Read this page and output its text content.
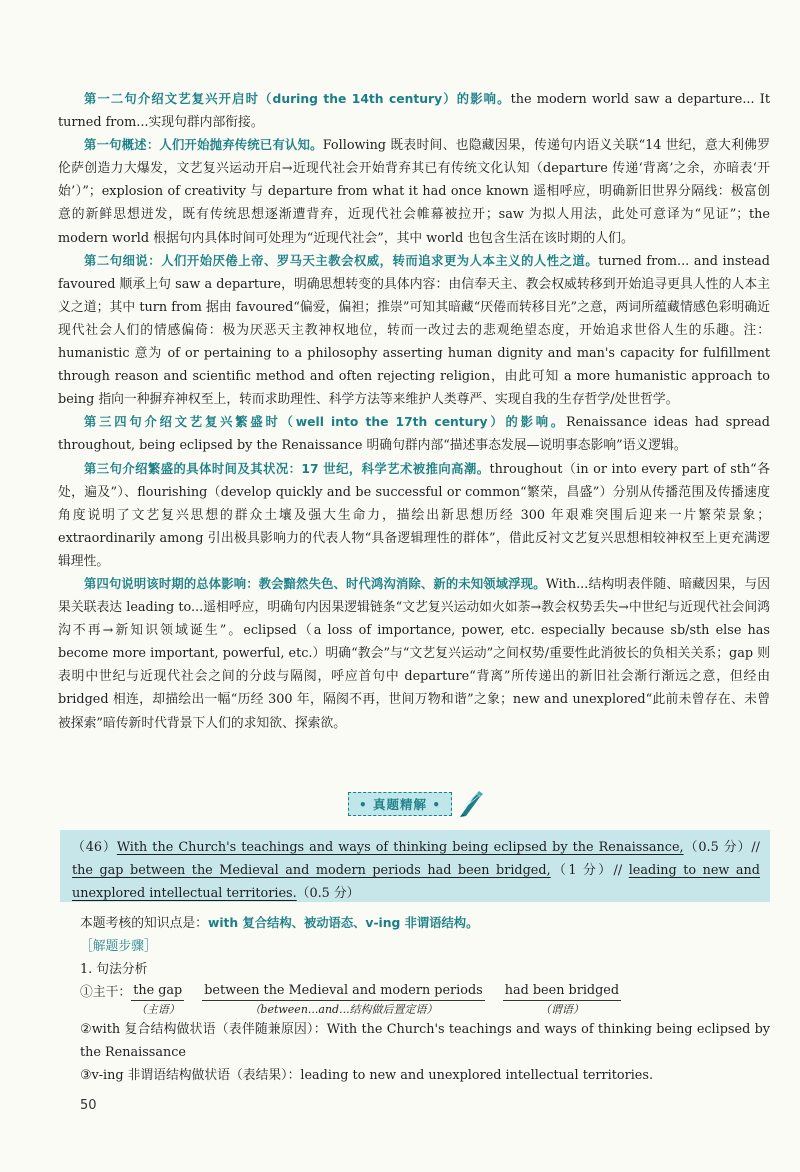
第一二句介绍文艺复兴开启时（during the 14th century）的影响。the modern world saw a departure... It turned from...实现句群内部衔接。

第一句概述：人们开始抛弃传统已有认知。Following 既表时间、也隐藏因果，传递句内语义关联“14 世纪，意大利佛罗伦萨创造力大爆发，文艺复兴运动开启→近现代社会开始背弃其已有传统文化认知（departure 传递‘背离’之余，亦暗表‘开始’）”；explosion of creativity 与 departure from what it had once known 遥相呼应，明确新旧世界分隔线：极富创意的新鲜思想迸发，既有传统思想逐渐遭背弃，近现代社会帷幕被拉开；saw 为拟人用法，此处可意译为“见证”；the modern world 根据句内具体时间可处理为“近现代社会”，其中 world 也包含生活在该时期的人们。

第二句细说：人们开始厌倦上帝、罗马天主教会权威，转而追求更为人本主义的人性之道。turned from... and instead favoured 顺承上句 saw a departure，明确思想转变的具体内容：由信奉天主、教会权威转移到开始追寻更具人性的人本主义之道；其中 turn from 据由 favoured“偏爱，偏袒；推崇”可知其暗藏“厌倦而转移目光”之意，两词所蕴藏情感色彩明确近现代社会人们的情感偏倚：极为厌恶天主教神权地位，转而一改过去的悲观绝望态度，开始追求世俗人生的乐趣。注：humanistic 意为 of or pertaining to a philosophy asserting human dignity and man's capacity for fulfillment through reason and scientific method and often rejecting religion，由此可知 a more humanistic approach to being 指向一种摒弃神权至上，转而求助理性、科学方法等来维护人类尊严、实现自我的生存哲学/处世哲学。

第三四句介绍文艺复兴繁盛时（well into the 17th century）的影响。Renaissance ideas had spread throughout, being eclipsed by the Renaissance 明确句群内部“描述事态发展—说明事态影响”语义逻辑。

第三句介绍繁盛的具体时间及其状况：17 世纪，科学艺术被推向高潮。throughout（in or into every part of sth“各处，遍及”）、flourishing（develop quickly and be successful or common“繁荣，昌盛”）分别从传播范围及传播速度角度说明了文艺复兴思想的群众土壤及强大生命力，描绘出新思想历经 300 年艰难突围后迎来一片繁荣景象；extraordinarily among 引出极具影响力的代表人物“具备逻辑理性的群体”，借此反衬文艺复兴思想相较神权至上更充满逻辑理性。

第四句说明该时期的总体影响：教会黯然失色、时代鸿沟消除、新的未知领域浮现。With...结构明表伴随、暗藏因果，与因果关联表达 leading to...遥相呼应，明确句内因果逻辑链条“文艺复兴运动如火如荼→教会权势丢失→中世纪与近现代社会间鸿沟不再→新知识领域诞生”。eclipsed（a loss of importance, power, etc. especially because sb/sth else has become more important, powerful, etc.）明确“教会”与“文艺复兴运动”之间权势/重要性此消彼长的负相关关系；gap 则表明中世纪与近现代社会之间的分歧与隔阂，呼应首句中 departure“背离”所传递出的新旧社会渐行渐远之意，但经由 bridged 相连，却描绘出一幅“历经 300 年，隔阂不再，世间万物和谐”之象；new and unexplored“此前未曾存在、未曾被探索”暗传新时代背景下人们的求知欲、探索欲。

• 真题精解 •

（46）With the Church's teachings and ways of thinking being eclipsed by the Renaissance,（0.5 分）// the gap between the Medieval and modern periods had been bridged,（1 分）// leading to new and unexplored intellectual territories.（0.5 分）

本题考核的知识点是：with 复合结构、被动语态、v-ing 非谓语结构。

［解题步骤］

1. 句法分析

①主干： the gap
（主语）
between the Medieval and modern periods
（between...and...结构做后置定语）
had been bridged
（谓语）

②with 复合结构做状语（表伴随兼原因）：With the Church's teachings and ways of thinking being eclipsed by the Renaissance

③v-ing 非谓语结构做状语（表结果）：leading to new and unexplored intellectual territories.

50
